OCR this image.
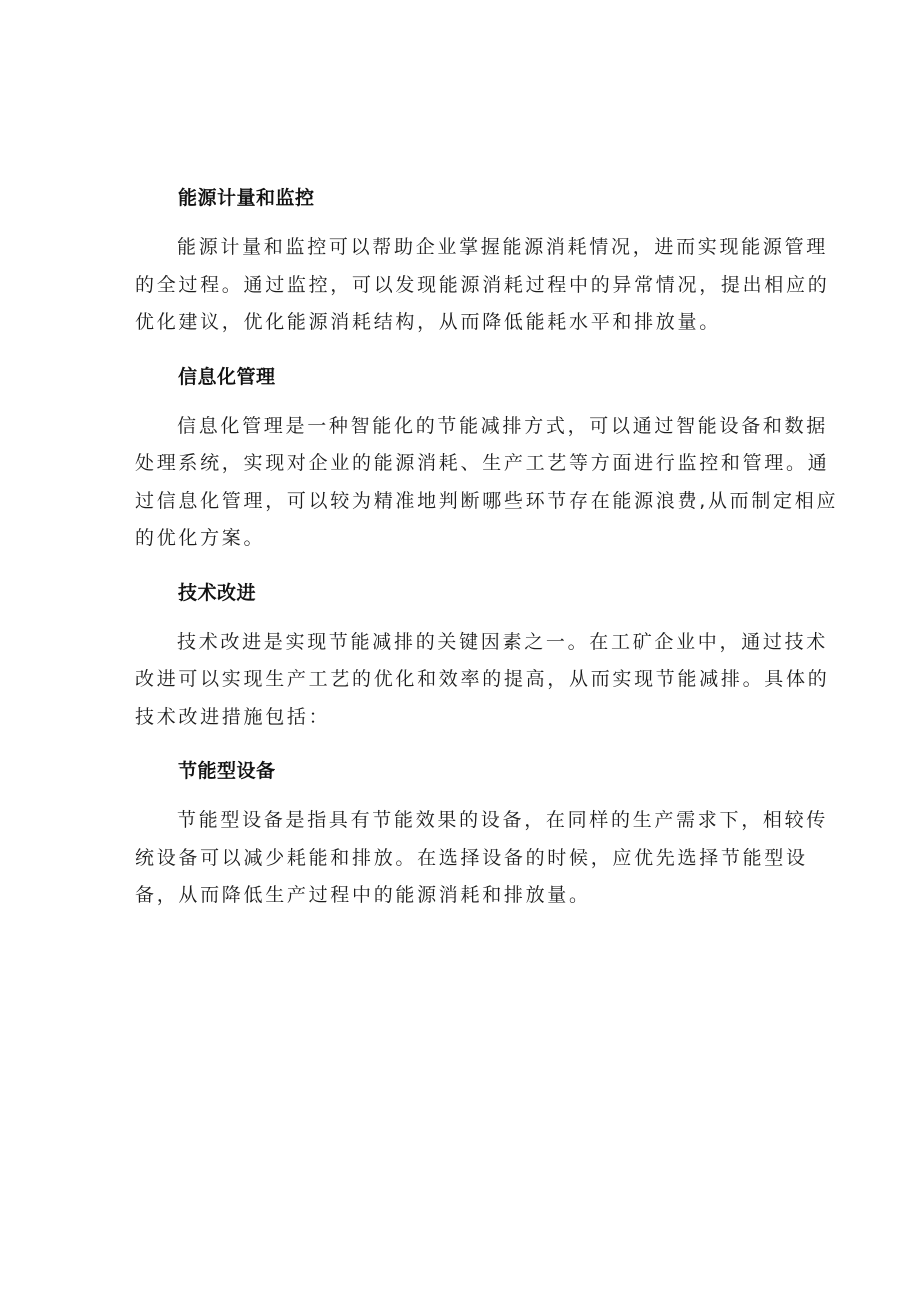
能源计量和监控

能源计量和监控可以帮助企业掌握能源消耗情况，进而实现能源管理
的全过程。通过监控，可以发现能源消耗过程中的异常情况，提出相应的
优化建议，优化能源消耗结构，从而降低能耗水平和排放量。

信息化管理

信息化管理是一种智能化的节能减排方式，可以通过智能设备和数据
处理系统，实现对企业的能源消耗、生产工艺等方面进行监控和管理。通
过信息化管理，可以较为精准地判断哪些环节存在能源浪费,从而制定相应
的优化方案。

技术改进

技术改进是实现节能减排的关键因素之一。在工矿企业中，通过技术
改进可以实现生产工艺的优化和效率的提高，从而实现节能减排。具体的
技术改进措施包括：

节能型设备

节能型设备是指具有节能效果的设备，在同样的生产需求下，相较传
统设备可以减少耗能和排放。在选择设备的时候，应优先选择节能型设
备，从而降低生产过程中的能源消耗和排放量。
